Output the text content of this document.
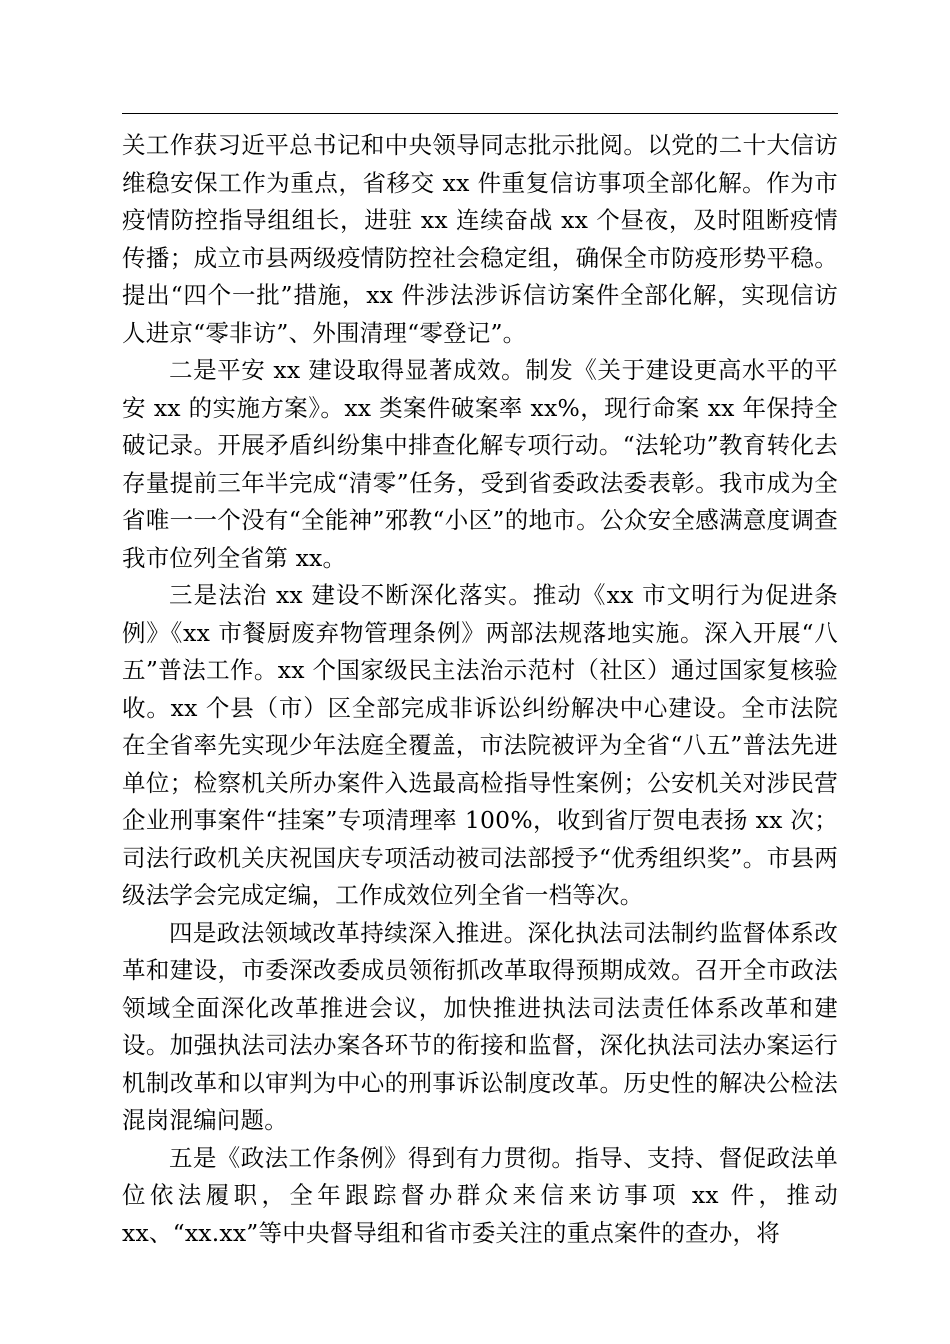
关工作获习近平总书记和中央领导同志批示批阅。以党的二十大信访维稳安保工作为重点，省移交 xx 件重复信访事项全部化解。作为市疫情防控指导组组长，进驻 xx 连续奋战 xx 个昼夜，及时阻断疫情传播；成立市县两级疫情防控社会稳定组，确保全市防疫形势平稳。提出“四个一批”措施，xx 件涉法涉诉信访案件全部化解，实现信访人进京“零非访”、外围清理“零登记”。

二是平安 xx 建设取得显著成效。制发《关于建设更高水平的平安 xx 的实施方案》。xx 类案件破案率 xx%，现行命案 xx 年保持全破记录。开展矛盾纠纷集中排查化解专项行动。“法轮功”教育转化去存量提前三年半完成“清零”任务，受到省委政法委表彰。我市成为全省唯一一个没有“全能神”邪教“小区”的地市。公众安全感满意度调查我市位列全省第 xx。

三是法治 xx 建设不断深化落实。推动《xx 市文明行为促进条例》《xx 市餐厨废弃物管理条例》两部法规落地实施。深入开展“八五”普法工作。xx 个国家级民主法治示范村（社区）通过国家复核验收。xx 个县（市）区全部完成非诉讼纠纷解决中心建设。全市法院在全省率先实现少年法庭全覆盖，市法院被评为全省“八五”普法先进单位；检察机关所办案件入选最高检指导性案例；公安机关对涉民营企业刑事案件“挂案”专项清理率 100%，收到省厅贺电表扬 xx 次；司法行政机关庆祝国庆专项活动被司法部授予“优秀组织奖”。市县两级法学会完成定编，工作成效位列全省一档等次。

四是政法领域改革持续深入推进。深化执法司法制约监督体系改革和建设，市委深改委成员领衔抓改革取得预期成效。召开全市政法领域全面深化改革推进会议，加快推进执法司法责任体系改革和建设。加强执法司法办案各环节的衔接和监督，深化执法司法办案运行机制改革和以审判为中心的刑事诉讼制度改革。历史性的解决公检法混岗混编问题。

五是《政法工作条例》得到有力贯彻。指导、支持、督促政法单位依法履职，全年跟踪督办群众来信来访事项 xx 件，推动 xx、“xx.xx”等中央督导组和省市委关注的重点案件的查办，将
